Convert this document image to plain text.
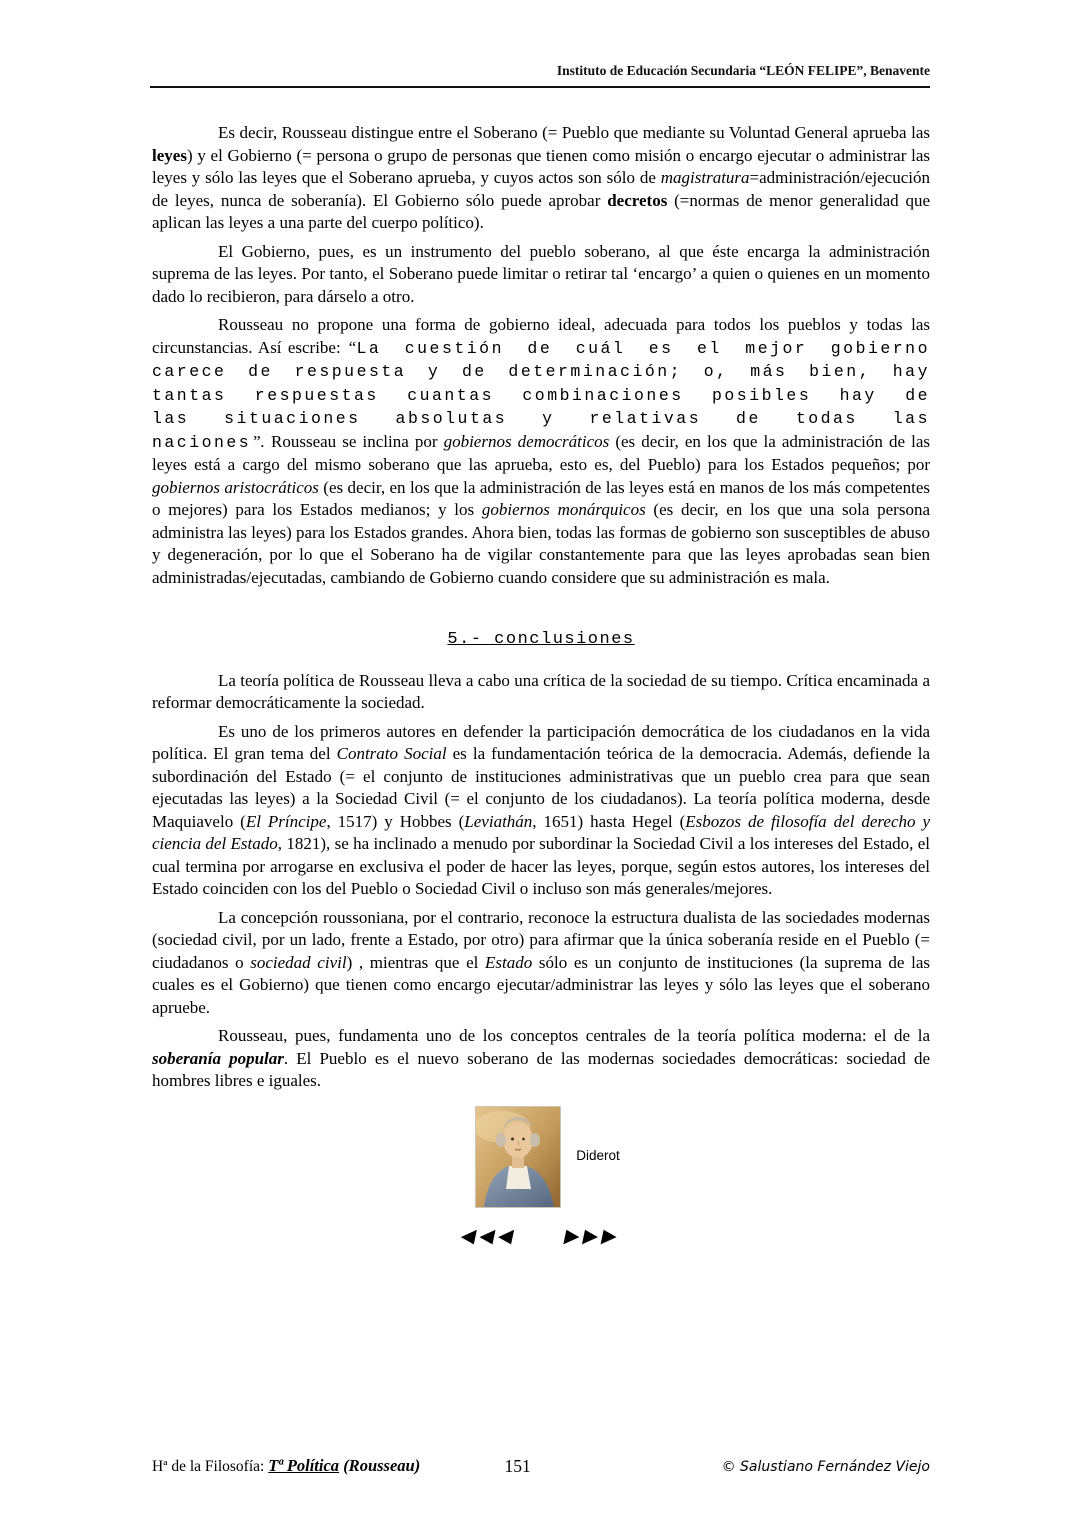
Instituto de Educación Secundaria “LEÓN FELIPE”, Benavente

Es decir, Rousseau distingue entre el Soberano (= Pueblo que mediante su Voluntad General aprueba las leyes) y el Gobierno (= persona o grupo de personas que tienen como misión o encargo ejecutar o administrar las leyes y sólo las leyes que el Soberano aprueba, y cuyos actos son sólo de magistratura=administración/ejecución de leyes, nunca de soberanía). El Gobierno sólo puede aprobar decretos (=normas de menor generalidad que aplican las leyes a una parte del cuerpo político).

El Gobierno, pues, es un instrumento del pueblo soberano, al que éste encarga la administración suprema de las leyes. Por tanto, el Soberano puede limitar o retirar tal ‘encargo’ a quien o quienes en un momento dado lo recibieron, para dárselo a otro.

Rousseau no propone una forma de gobierno ideal, adecuada para todos los pueblos y todas las circunstancias. Así escribe: “La cuestión de cuál es el mejor gobierno carece de respuesta y de determinación; o, más bien, hay tantas respuestas cuantas combinaciones posibles hay de las situaciones absolutas y relativas de todas las naciones”. Rousseau se inclina por gobiernos democráticos (es decir, en los que la administración de las leyes está a cargo del mismo soberano que las aprueba, esto es, del Pueblo) para los Estados pequeños; por gobiernos aristocráticos (es decir, en los que la administración de las leyes está en manos de los más competentes o mejores) para los Estados medianos; y los gobiernos monárquicos (es decir, en los que una sola persona administra las leyes) para los Estados grandes. Ahora bien, todas las formas de gobierno son susceptibles de abuso y degeneración, por lo que el Soberano ha de vigilar constantemente para que las leyes aprobadas sean bien administradas/ejecutadas, cambiando de Gobierno cuando considere que su administración es mala.

5.- conclusiones

La teoría política de Rousseau lleva a cabo una crítica de la sociedad de su tiempo. Crítica encaminada a reformar democráticamente la sociedad.

Es uno de los primeros autores en defender la participación democrática de los ciudadanos en la vida política. El gran tema del Contrato Social es la fundamentación teórica de la democracia. Además, defiende la subordinación del Estado (= el conjunto de instituciones administrativas que un pueblo crea para que sean ejecutadas las leyes) a la Sociedad Civil (= el conjunto de los ciudadanos). La teoría política moderna, desde Maquiavelo (El Príncipe, 1517) y Hobbes (Leviathán, 1651) hasta Hegel (Esbozos de filosofía del derecho y ciencia del Estado, 1821), se ha inclinado a menudo por subordinar la Sociedad Civil a los intereses del Estado, el cual termina por arrogarse en exclusiva el poder de hacer las leyes, porque, según estos autores, los intereses del Estado coinciden con los del Pueblo o Sociedad Civil o incluso son más generales/mejores.

La concepción roussoniana, por el contrario, reconoce la estructura dualista de las sociedades modernas (sociedad civil, por un lado, frente a Estado, por otro) para afirmar que la única soberanía reside en el Pueblo (= ciudadanos o sociedad civil) , mientras que el Estado sólo es un conjunto de instituciones (la suprema de las cuales es el Gobierno) que tienen como encargo ejecutar/administrar las leyes y sólo las leyes que el soberano apruebe.

Rousseau, pues, fundamenta uno de los conceptos centrales de la teoría política moderna: el de la soberanía popular. El Pueblo es el nuevo soberano de las modernas sociedades democráticas: sociedad de hombres libres e iguales.

Diderot
◀◀◀ ▶▶▶
Hª de la Filosofía: Tª Política (Rousseau)	151	© Salustiano Fernández Viejo
